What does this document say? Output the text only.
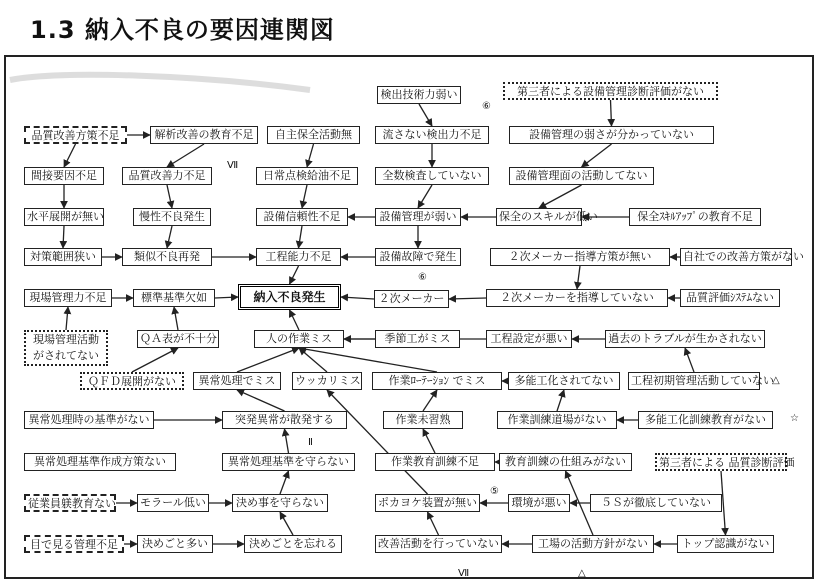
1.3 納入不良の要因連関図
検出技術力弱い	第三者による設備管理診断評価がない
品質改善方策不足	解析改善の教育不足	自主保全活動無	流さない検出力不足	設備管理の弱さが分かっていない
間接要因不足	品質改善力不足	日常点検給油不足	全数検査していない	設備管理面の活動してない
水平展開が無い	慢性不良発生	設備信頼性不足	設備管理が弱い	保全のスキルが低い	保全ｽｷﾙｱｯﾌﾟの教育不足
対策範囲狭い	類似不良再発	工程能力不足	設備故障で発生	２次メーカー指導方策が無い	自社での改善方策がない
現場管理力不足	標準基準欠如	納入不良発生	２次メーカー	２次メーカーを指導していない	品質評価ｼｽﾃﾑない
現場管理活動がされてない
ＱＡ表が不十分	人の作業ミス	季節工がミス	工程設定が悪い	過去のトラブルが生かされない
ＱＦＤ展開がない	異常処理でミス	ウッカリミス	作業ﾛｰﾃｰｼｮﾝ でミス	多能工化されてない	工程初期管理活動していない
異常処理時の基準がない	突発異常が散発する	作業未習熟	作業訓練道場がない	多能工化訓練教育がない
異常処理基準作成方策ない	異常処理基準を守らない	作業教育訓練不足	教育訓練の仕組みがない	第三者による 品質診断評価
従業員躾教育ない モラール低い	決め事を守らない	ポカヨケ装置が無い	環境が悪い	５Ｓが徹底していない
目で見る管理不足	決めごと多い	決めごとを忘れる	改善活動を行っていない	工場の活動方針がない	トップ認識がない
⑥
Ⅶ
⑥
⑤
Ⅱ
△
△
☆
Ⅶ
